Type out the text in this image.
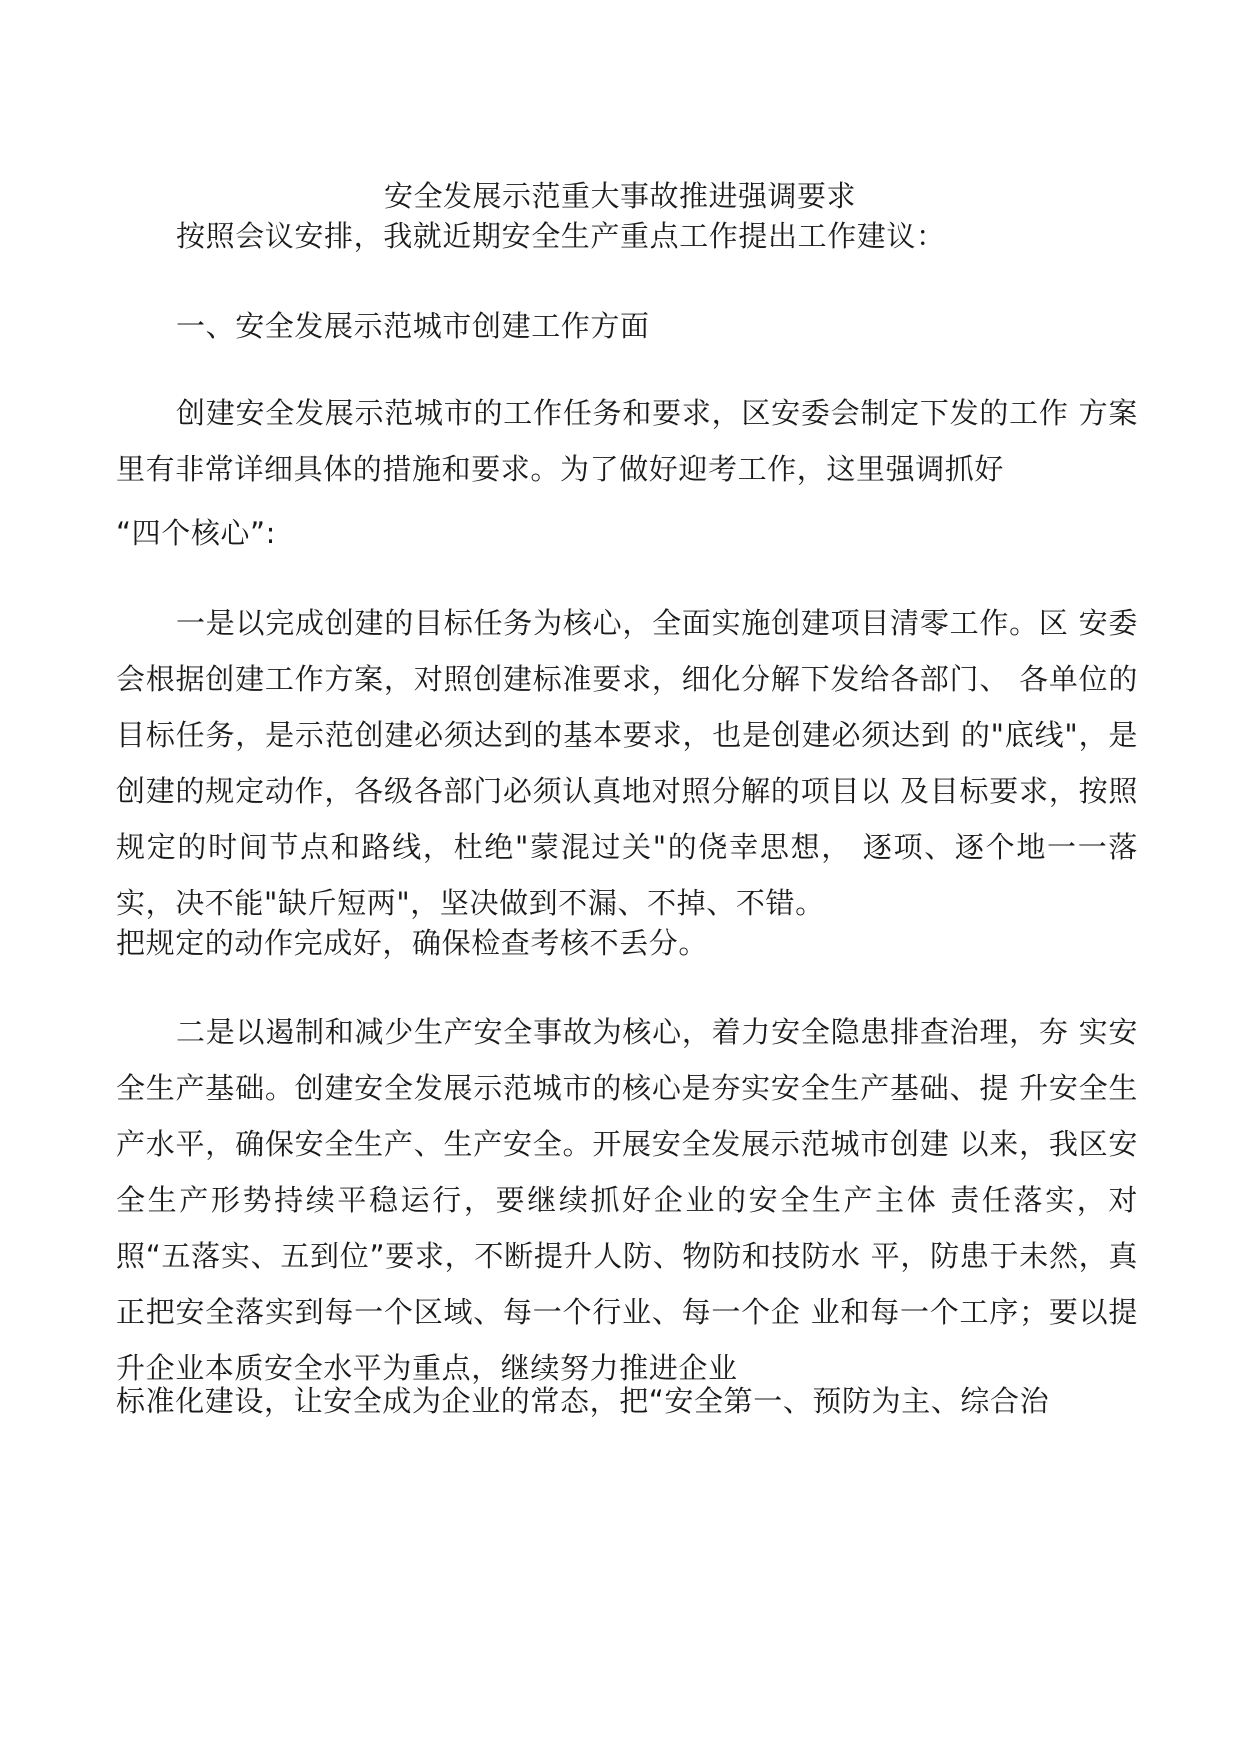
安全发展示范重大事故推进强调要求
按照会议安排，我就近期安全生产重点工作提出工作建议：
一、安全发展示范城市创建工作方面

创建安全发展示范城市的工作任务和要求，区安委会制定下发的工作 方案里有非常详细具体的措施和要求。为了做好迎考工作，这里强调抓好

“四个核心”:

一是以完成创建的目标任务为核心，全面实施创建项目清零工作。区 安委会根据创建工作方案，对照创建标准要求，细化分解下发给各部门、 各单位的目标任务，是示范创建必须达到的基本要求，也是创建必须达到 的"底线"，是创建的规定动作，各级各部门必须认真地对照分解的项目以 及目标要求，按照规定的时间节点和路线，杜绝"蒙混过关"的侥幸思想， 逐项、逐个地一一落实，决不能"缺斤短两"，坚决做到不漏、不掉、不错。

把规定的动作完成好，确保检查考核不丢分。

二是以遏制和减少生产安全事故为核心，着力安全隐患排查治理，夯 实安全生产基础。创建安全发展示范城市的核心是夯实安全生产基础、提 升安全生产水平，确保安全生产、生产安全。开展安全发展示范城市创建 以来，我区安全生产形势持续平稳运行，要继续抓好企业的安全生产主体 责任落实，对照“五落实、五到位”要求，不断提升人防、物防和技防水 平，防患于未然，真正把安全落实到每一个区域、每一个行业、每一个企 业和每一个工序；要以提升企业本质安全水平为重点，继续努力推进企业

标准化建设，让安全成为企业的常态，把“安全第一、预防为主、综合治
